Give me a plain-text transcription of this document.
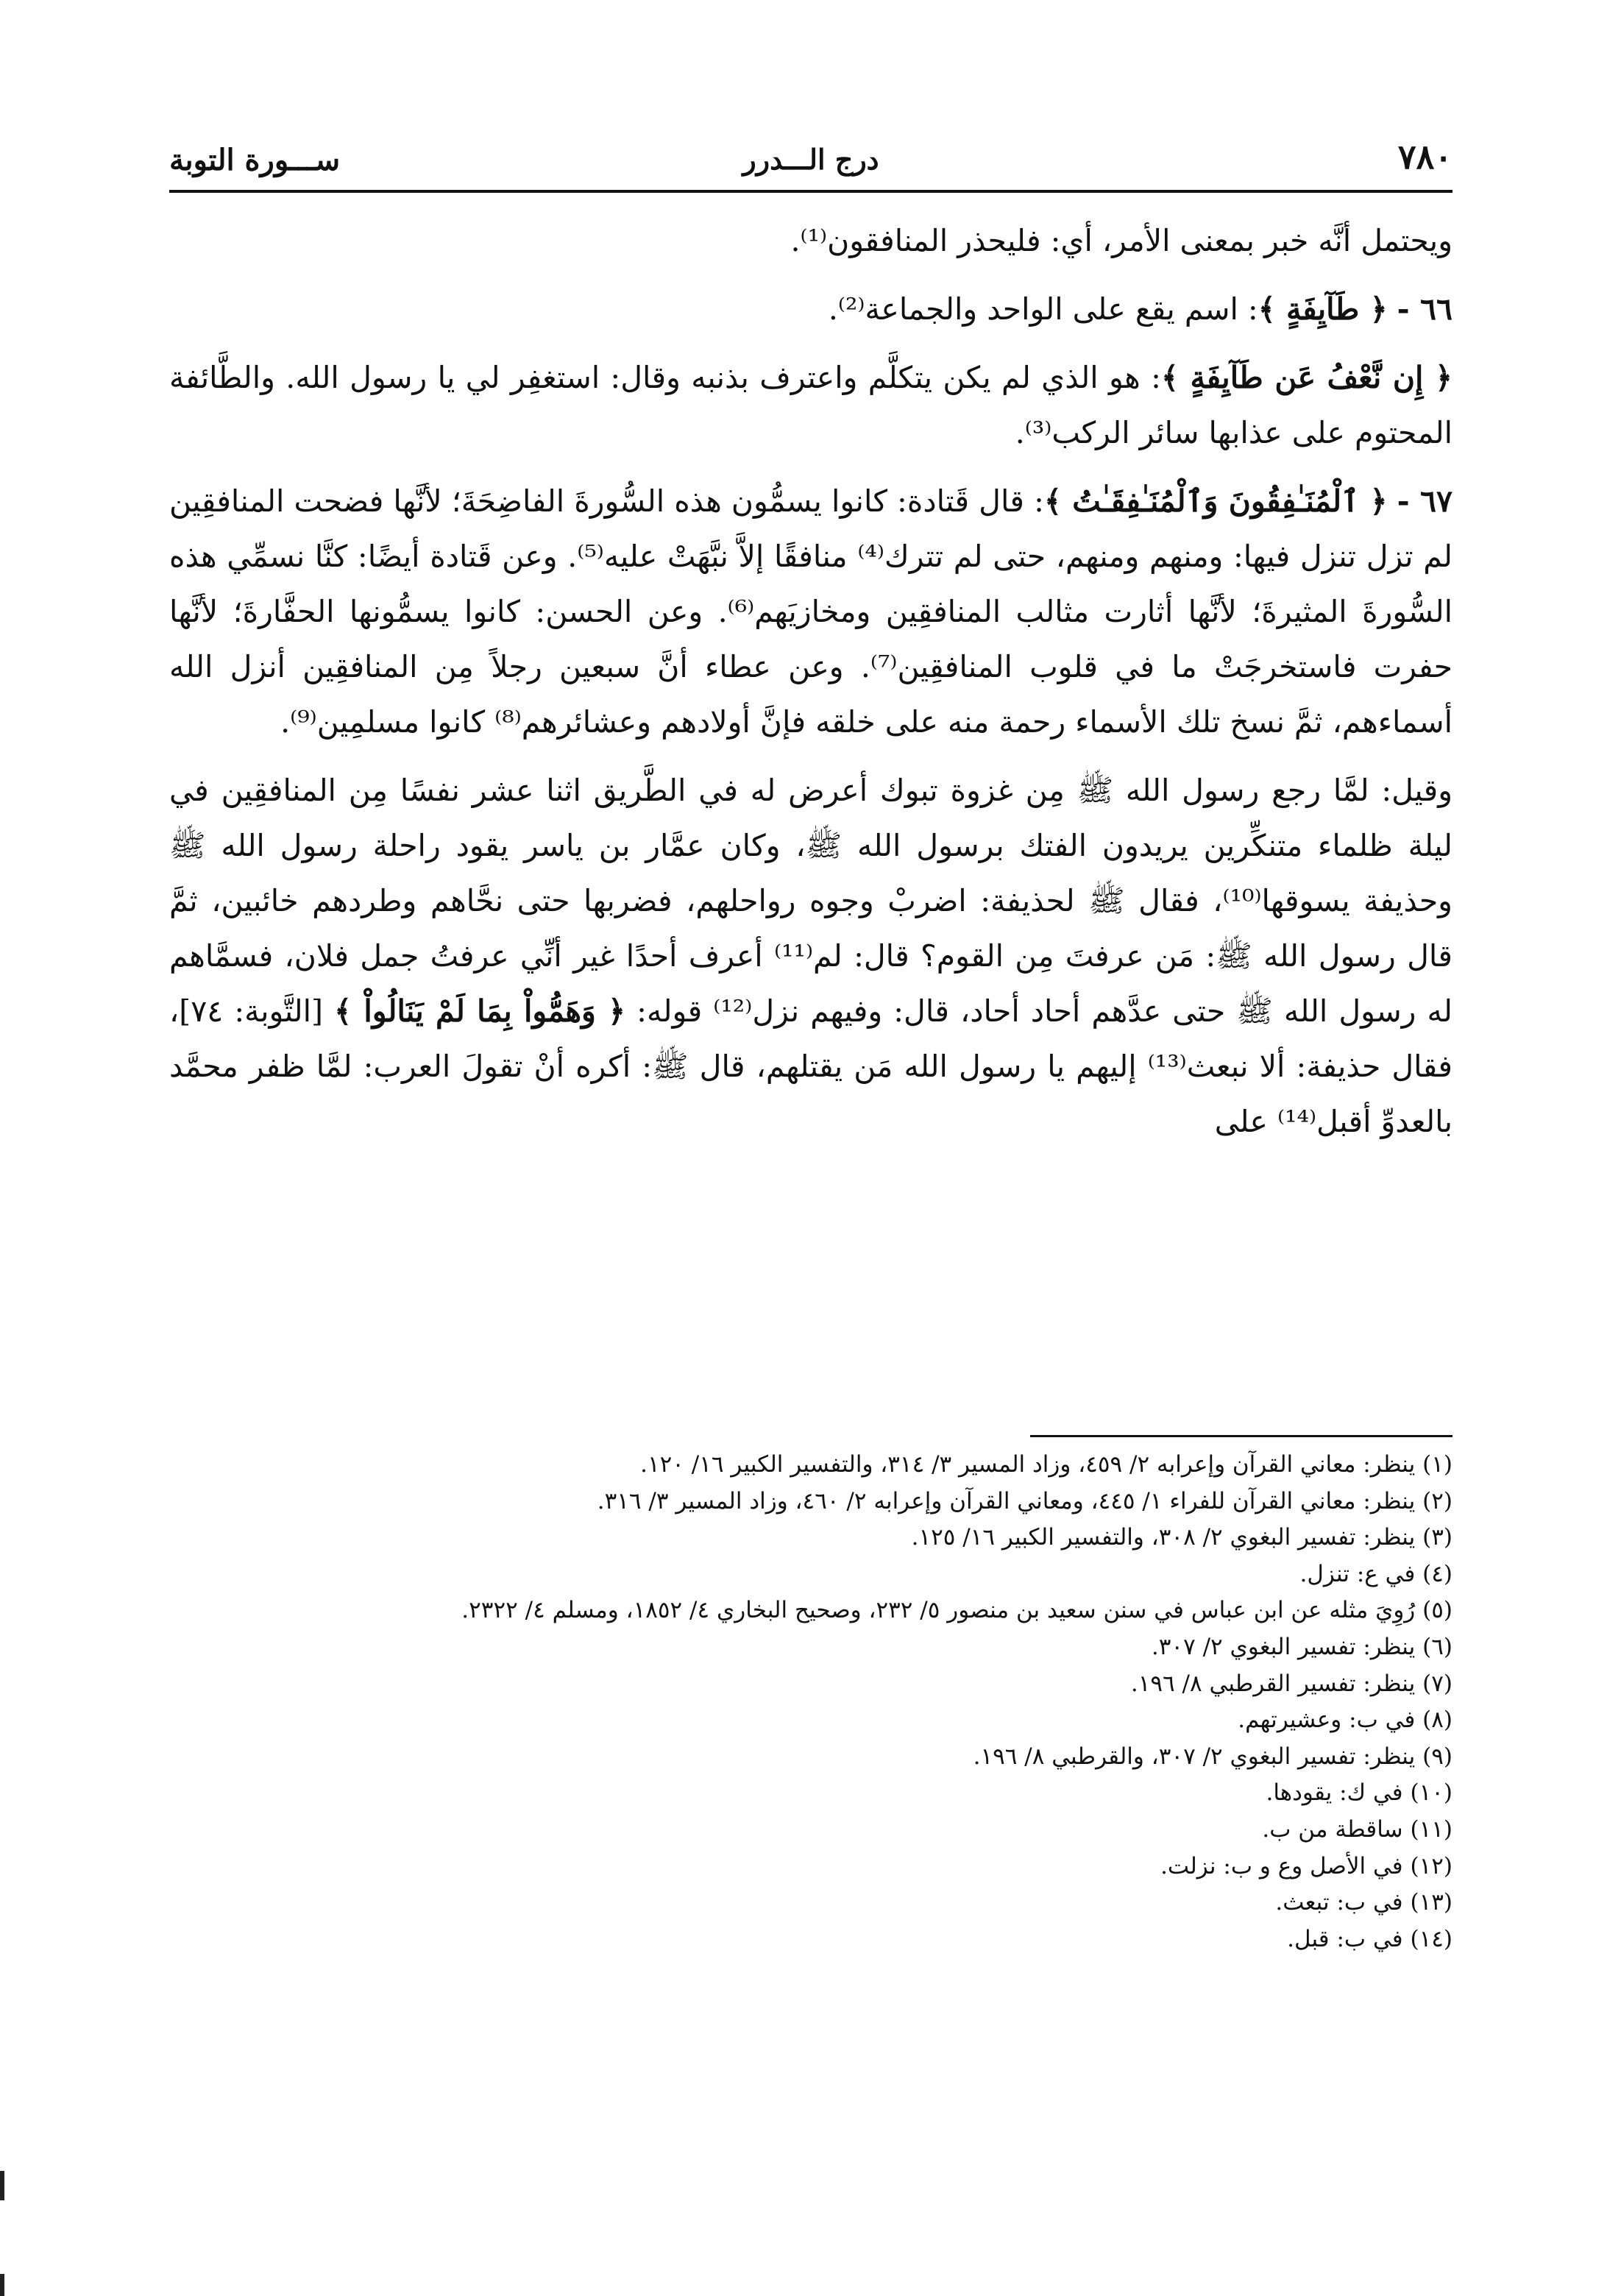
٧٨٠
درج الـــدرر
ســـورة التوبة

ويحتمل أنَّه خبر بمعنى الأمر، أي: فليحذر المنافقون⁽¹⁾.

٦٦ - ﴿ طَآيِفَةٍ ﴾: اسم يقع على الواحد والجماعة⁽²⁾.

﴿ إِن نَّعْفُ عَن طَآيِفَةٍ ﴾: هو الذي لم يكن يتكلَّم واعترف بذنبه وقال: استغفِر لي يا رسول الله. والطَّائفة المحتوم على عذابها سائر الركب⁽³⁾.

٦٧ - ﴿ ٱلْمُنَـٰفِقُونَ وَٱلْمُنَـٰفِقَـٰتُ ﴾: قال قَتادة: كانوا يسمُّون هذه السُّورةَ الفاضِحَةَ؛ لأنَّها فضحت المنافقِين لم تزل تنزل فيها: ومنهم ومنهم، حتى لم تترك⁽⁴⁾ منافقًا إلاَّ نبَّهَتْ عليه⁽⁵⁾. وعن قَتادة أيضًا: كنَّا نسمِّي هذه السُّورةَ المثيرةَ؛ لأنَّها أثارت مثالب المنافقِين ومخازيَهم⁽⁶⁾. وعن الحسن: كانوا يسمُّونها الحفَّارةَ؛ لأنَّها حفرت فاستخرجَتْ ما في قلوب المنافقِين⁽⁷⁾. وعن عطاء أنَّ سبعين رجلاً مِن المنافقِين أنزل الله أسماءهم، ثمَّ نسخ تلك الأسماء رحمة منه على خلقه فإنَّ أولادهم وعشائرهم⁽⁸⁾ كانوا مسلمِين⁽⁹⁾.

وقيل: لمَّا رجع رسول الله ﷺ مِن غزوة تبوك أعرض له في الطَّريق اثنا عشر نفسًا مِن المنافقِين في ليلة ظلماء متنكِّرين يريدون الفتك برسول الله ﷺ، وكان عمَّار بن ياسر يقود راحلة رسول الله ﷺ وحذيفة يسوقها⁽¹⁰⁾، فقال ﷺ لحذيفة: اضربْ وجوه رواحلهم، فضربها حتى نحَّاهم وطردهم خائبين، ثمَّ قال رسول الله ﷺ: مَن عرفتَ مِن القوم؟ قال: لم⁽¹¹⁾ أعرف أحدًا غير أنِّي عرفتُ جمل فلان، فسمَّاهم له رسول الله ﷺ حتى عدَّهم أحاد أحاد، قال: وفيهم نزل⁽¹²⁾ قوله: ﴿ وَهَمُّواْ بِمَا لَمْ يَنَالُواْ ﴾ [التَّوبة: ٧٤]، فقال حذيفة: ألا نبعث⁽¹³⁾ إليهم يا رسول الله مَن يقتلهم، قال ﷺ: أكره أنْ تقولَ العرب: لمَّا ظفر محمَّد بالعدوِّ أقبل⁽¹⁴⁾ على

(١) ينظر: معاني القرآن وإعرابه ٢/ ٤٥٩، وزاد المسير ٣/ ٣١٤، والتفسير الكبير ١٦/ ١٢٠.
(٢) ينظر: معاني القرآن للفراء ١/ ٤٤٥، ومعاني القرآن وإعرابه ٢/ ٤٦٠، وزاد المسير ٣/ ٣١٦.
(٣) ينظر: تفسير البغوي ٢/ ٣٠٨، والتفسير الكبير ١٦/ ١٢٥.
(٤) في ع: تنزل.
(٥) رُوِيَ مثله عن ابن عباس في سنن سعيد بن منصور ٥/ ٢٣٢، وصحيح البخاري ٤/ ١٨٥٢، ومسلم ٤/ ٢٣٢٢.
(٦) ينظر: تفسير البغوي ٢/ ٣٠٧.
(٧) ينظر: تفسير القرطبي ٨/ ١٩٦.
(٨) في ب: وعشيرتهم.
(٩) ينظر: تفسير البغوي ٢/ ٣٠٧، والقرطبي ٨/ ١٩٦.
(١٠) في ك: يقودها.
(١١) ساقطة من ب.
(١٢) في الأصل وع و ب: نزلت.
(١٣) في ب: تبعث.
(١٤) في ب: قبل.
